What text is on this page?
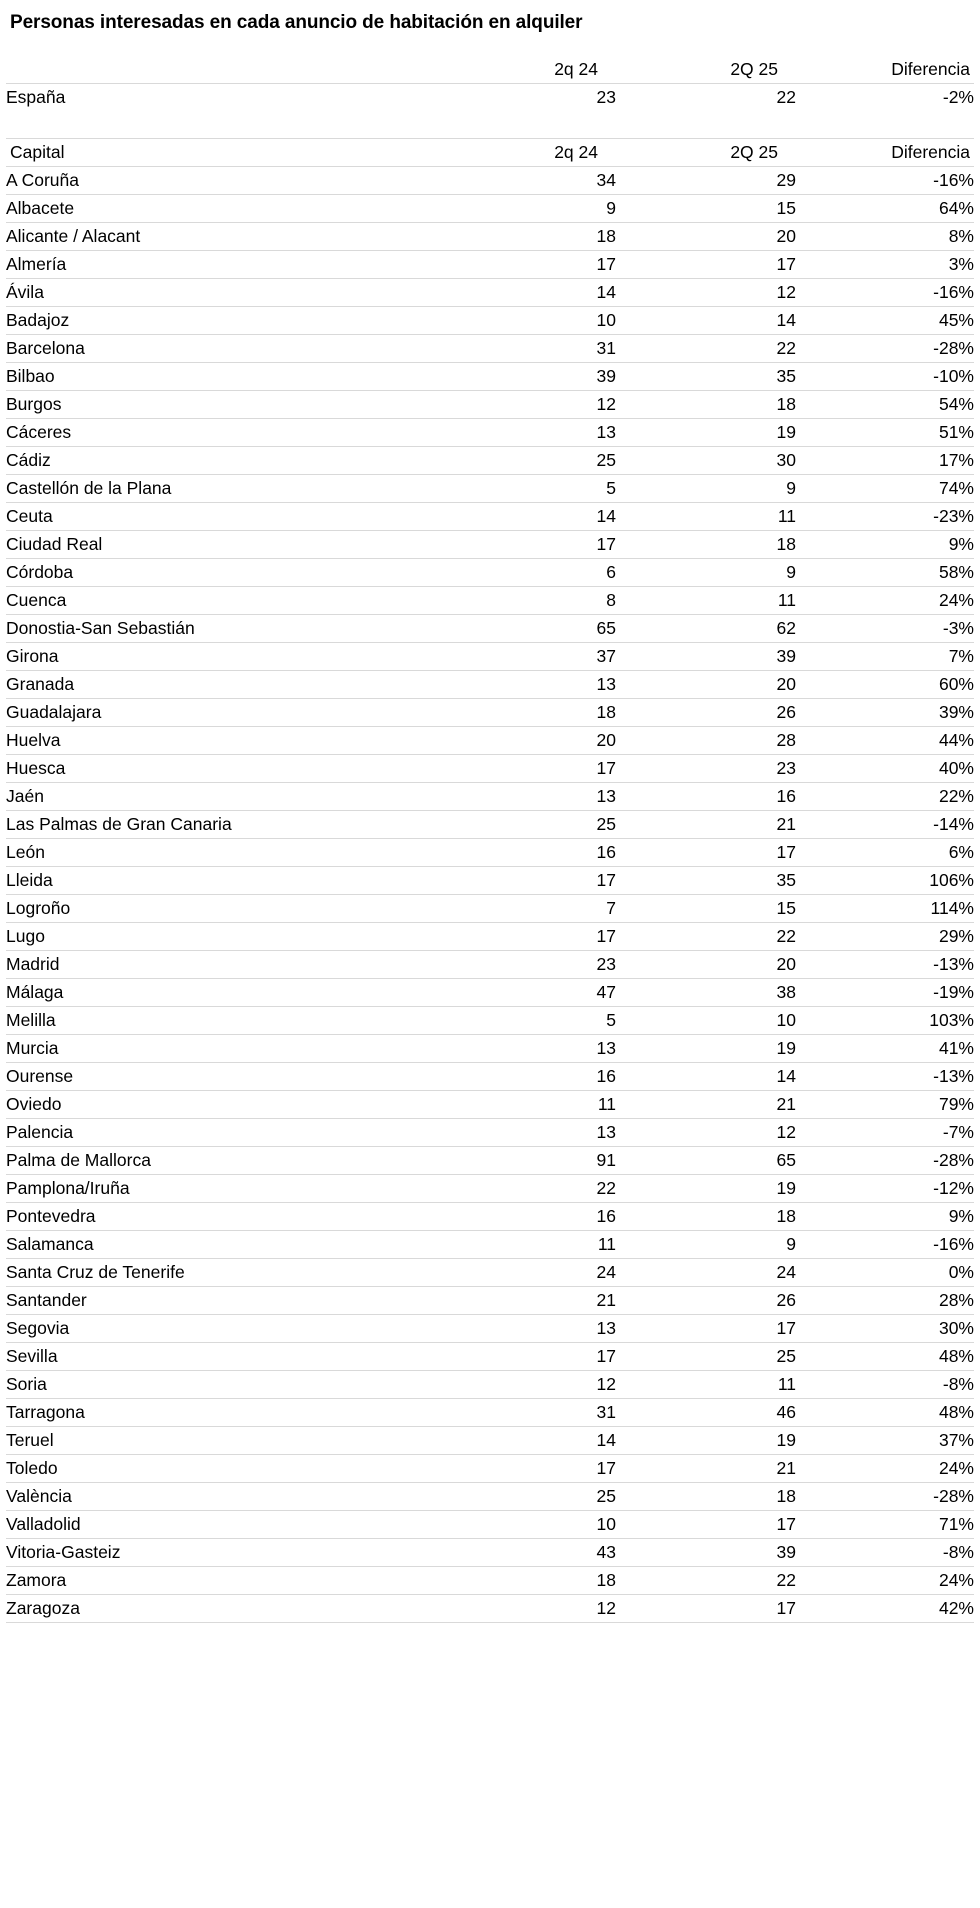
Personas interesadas en cada anuncio de habitación en alquiler
	2q 24	2Q 25	Diferencia
España	23	22	-2%

Capital	2q 24	2Q 25	Diferencia
A Coruña	34	29	-16%
Albacete	9	15	64%
Alicante / Alacant	18	20	8%
Almería	17	17	3%
Ávila	14	12	-16%
Badajoz	10	14	45%
Barcelona	31	22	-28%
Bilbao	39	35	-10%
Burgos	12	18	54%
Cáceres	13	19	51%
Cádiz	25	30	17%
Castellón de la Plana	5	9	74%
Ceuta	14	11	-23%
Ciudad Real	17	18	9%
Córdoba	6	9	58%
Cuenca	8	11	24%
Donostia-San Sebastián	65	62	-3%
Girona	37	39	7%
Granada	13	20	60%
Guadalajara	18	26	39%
Huelva	20	28	44%
Huesca	17	23	40%
Jaén	13	16	22%
Las Palmas de Gran Canaria	25	21	-14%
León	16	17	6%
Lleida	17	35	106%
Logroño	7	15	114%
Lugo	17	22	29%
Madrid	23	20	-13%
Málaga	47	38	-19%
Melilla	5	10	103%
Murcia	13	19	41%
Ourense	16	14	-13%
Oviedo	11	21	79%
Palencia	13	12	-7%
Palma de Mallorca	91	65	-28%
Pamplona/Iruña	22	19	-12%
Pontevedra	16	18	9%
Salamanca	11	9	-16%
Santa Cruz de Tenerife	24	24	0%
Santander	21	26	28%
Segovia	13	17	30%
Sevilla	17	25	48%
Soria	12	11	-8%
Tarragona	31	46	48%
Teruel	14	19	37%
Toledo	17	21	24%
València	25	18	-28%
Valladolid	10	17	71%
Vitoria-Gasteiz	43	39	-8%
Zamora	18	22	24%
Zaragoza	12	17	42%
